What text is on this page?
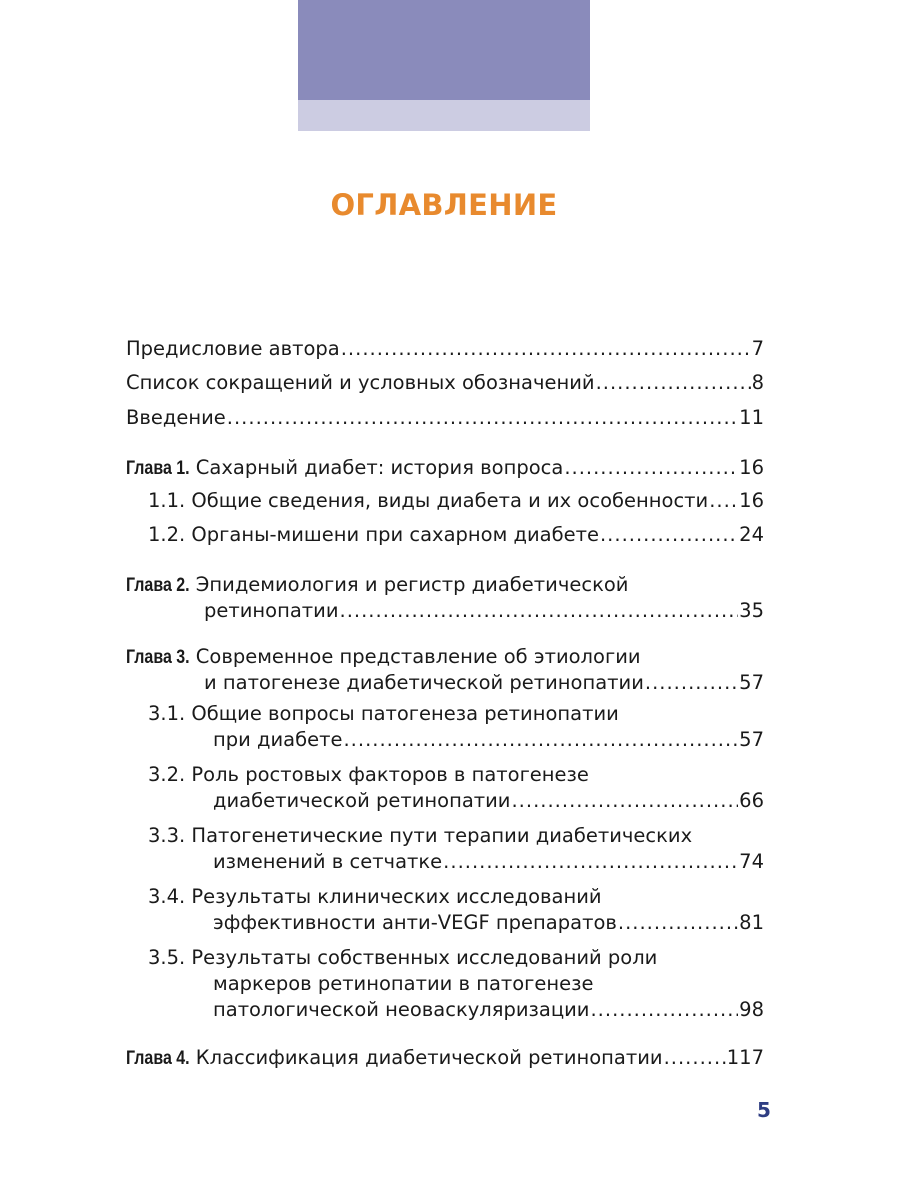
ОГЛАВЛЕНИЕ
Предисловие автора .....	7
Список сокращений и условных обозначений .....	8
Введение .....	11
Глава 1. Сахарный диабет: история вопроса .....	16
1.1. Общие сведения, виды диабета и их особенности ..... 16
1.2. Органы-мишени при сахарном диабете .....	24
Глава 2. Эпидемиология и регистр диабетической
ретинопатии .....	35
Глава 3. Современное представление об этиологии
и патогенезе диабетической ретинопатии .....	57
3.1. Общие вопросы патогенеза ретинопатии
при диабете .....	57
3.2. Роль ростовых факторов в патогенезе
диабетической ретинопатии .....	66
3.3. Патогенетические пути терапии диабетических
изменений в сетчатке .....	74
3.4. Результаты клинических исследований
эффективности анти-VEGF препаратов .....	81
3.5. Результаты собственных исследований роли
маркеров ретинопатии в патогенезе
патологической неоваскуляризации .....	98
Глава 4. Классификация диабетической ретинопатии .....	117
5
